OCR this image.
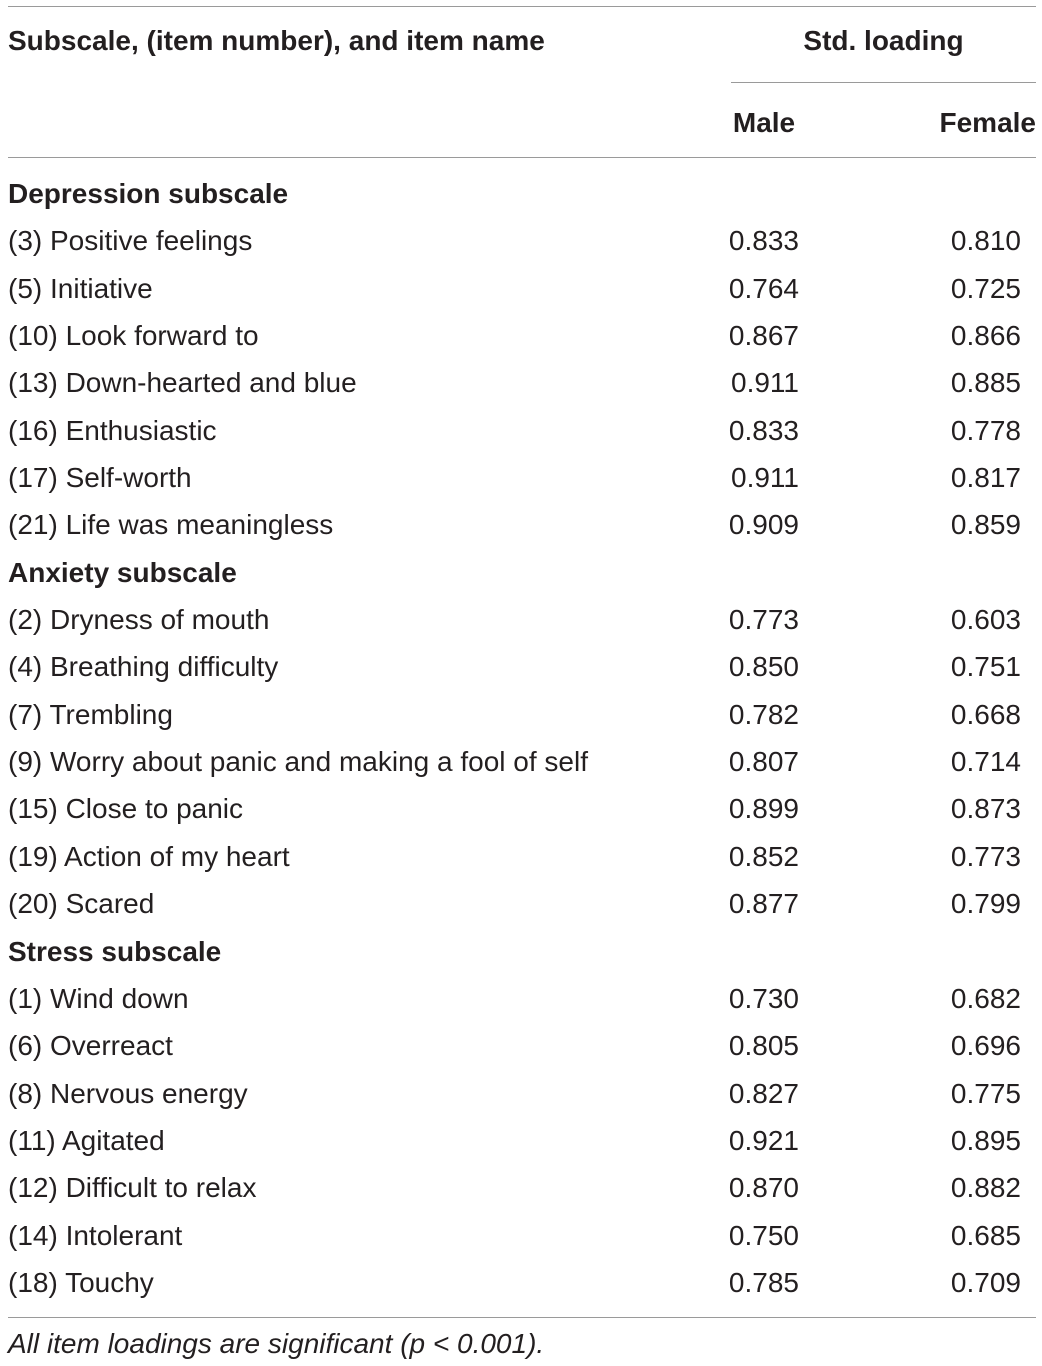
Subscale, (item number), and item name	Std. loading
Male	Female
Depression subscale
(3) Positive feelings	0.833	0.810
(5) Initiative	0.764	0.725
(10) Look forward to	0.867	0.866
(13) Down-hearted and blue	0.911	0.885
(16) Enthusiastic	0.833	0.778
(17) Self-worth	0.911	0.817
(21) Life was meaningless	0.909	0.859
Anxiety subscale
(2) Dryness of mouth	0.773	0.603
(4) Breathing difficulty	0.850	0.751
(7) Trembling	0.782	0.668
(9) Worry about panic and making a fool of self	0.807	0.714
(15) Close to panic	0.899	0.873
(19) Action of my heart	0.852	0.773
(20) Scared	0.877	0.799
Stress subscale
(1) Wind down	0.730	0.682
(6) Overreact	0.805	0.696
(8) Nervous energy	0.827	0.775
(11) Agitated	0.921	0.895
(12) Difficult to relax	0.870	0.882
(14) Intolerant	0.750	0.685
(18) Touchy	0.785	0.709
All item loadings are significant (p < 0.001).
